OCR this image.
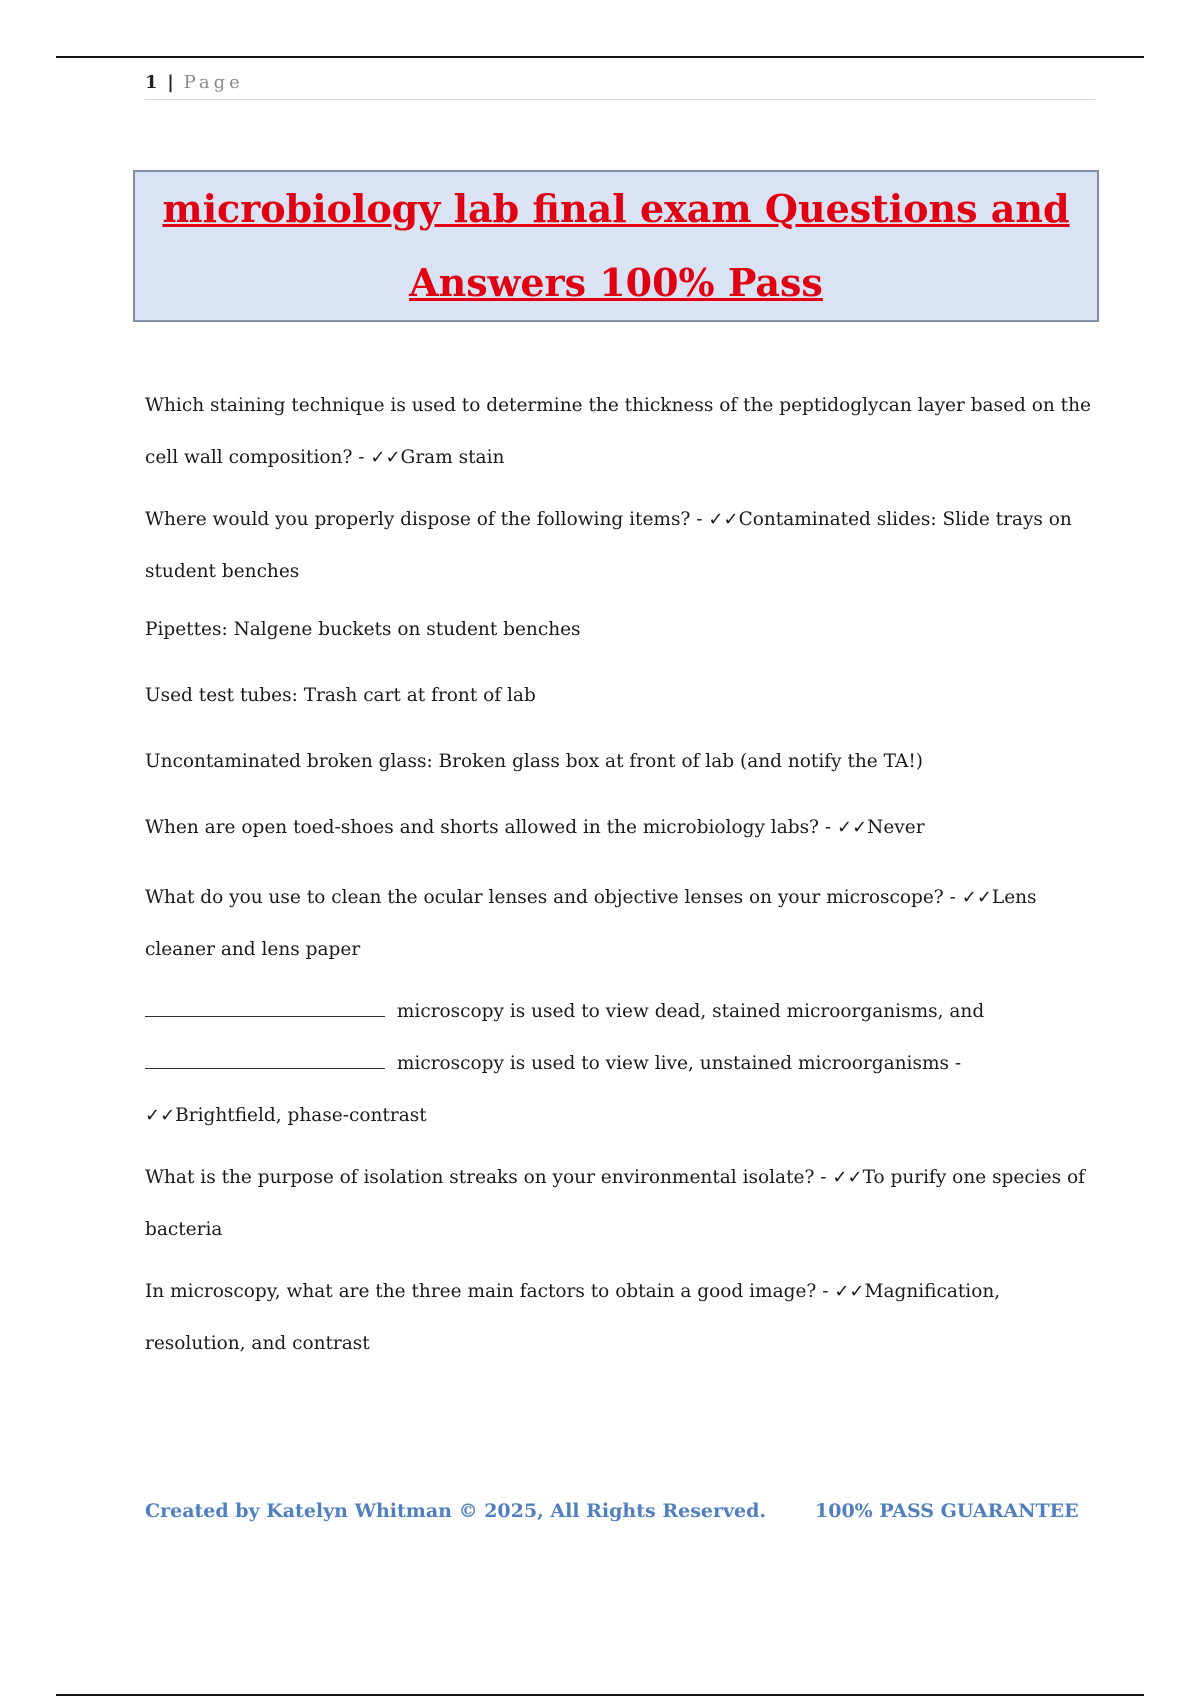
1 | Page
microbiology lab final exam Questions and
Answers 100% Pass

Which staining technique is used to determine the thickness of the peptidoglycan layer based on the cell wall composition? - ✓✓Gram stain

Where would you properly dispose of the following items? - ✓✓Contaminated slides: Slide trays on student benches

Pipettes: Nalgene buckets on student benches
Used test tubes: Trash cart at front of lab
Uncontaminated broken glass: Broken glass box at front of lab (and notify the TA!)

When are open toed-shoes and shorts allowed in the microbiology labs? - ✓✓Never

What do you use to clean the ocular lenses and objective lenses on your microscope? - ✓✓Lens cleaner and lens paper

microscopy is used to view dead, stained microorganisms, and
microscopy is used to view live, unstained microorganisms - ✓✓Brightfield, phase-contrast

What is the purpose of isolation streaks on your environmental isolate? - ✓✓To purify one species of bacteria

In microscopy, what are the three main factors to obtain a good image? - ✓✓Magnification, resolution, and contrast

Created by Katelyn Whitman © 2025, All Rights Reserved.	100% PASS GUARANTEE
